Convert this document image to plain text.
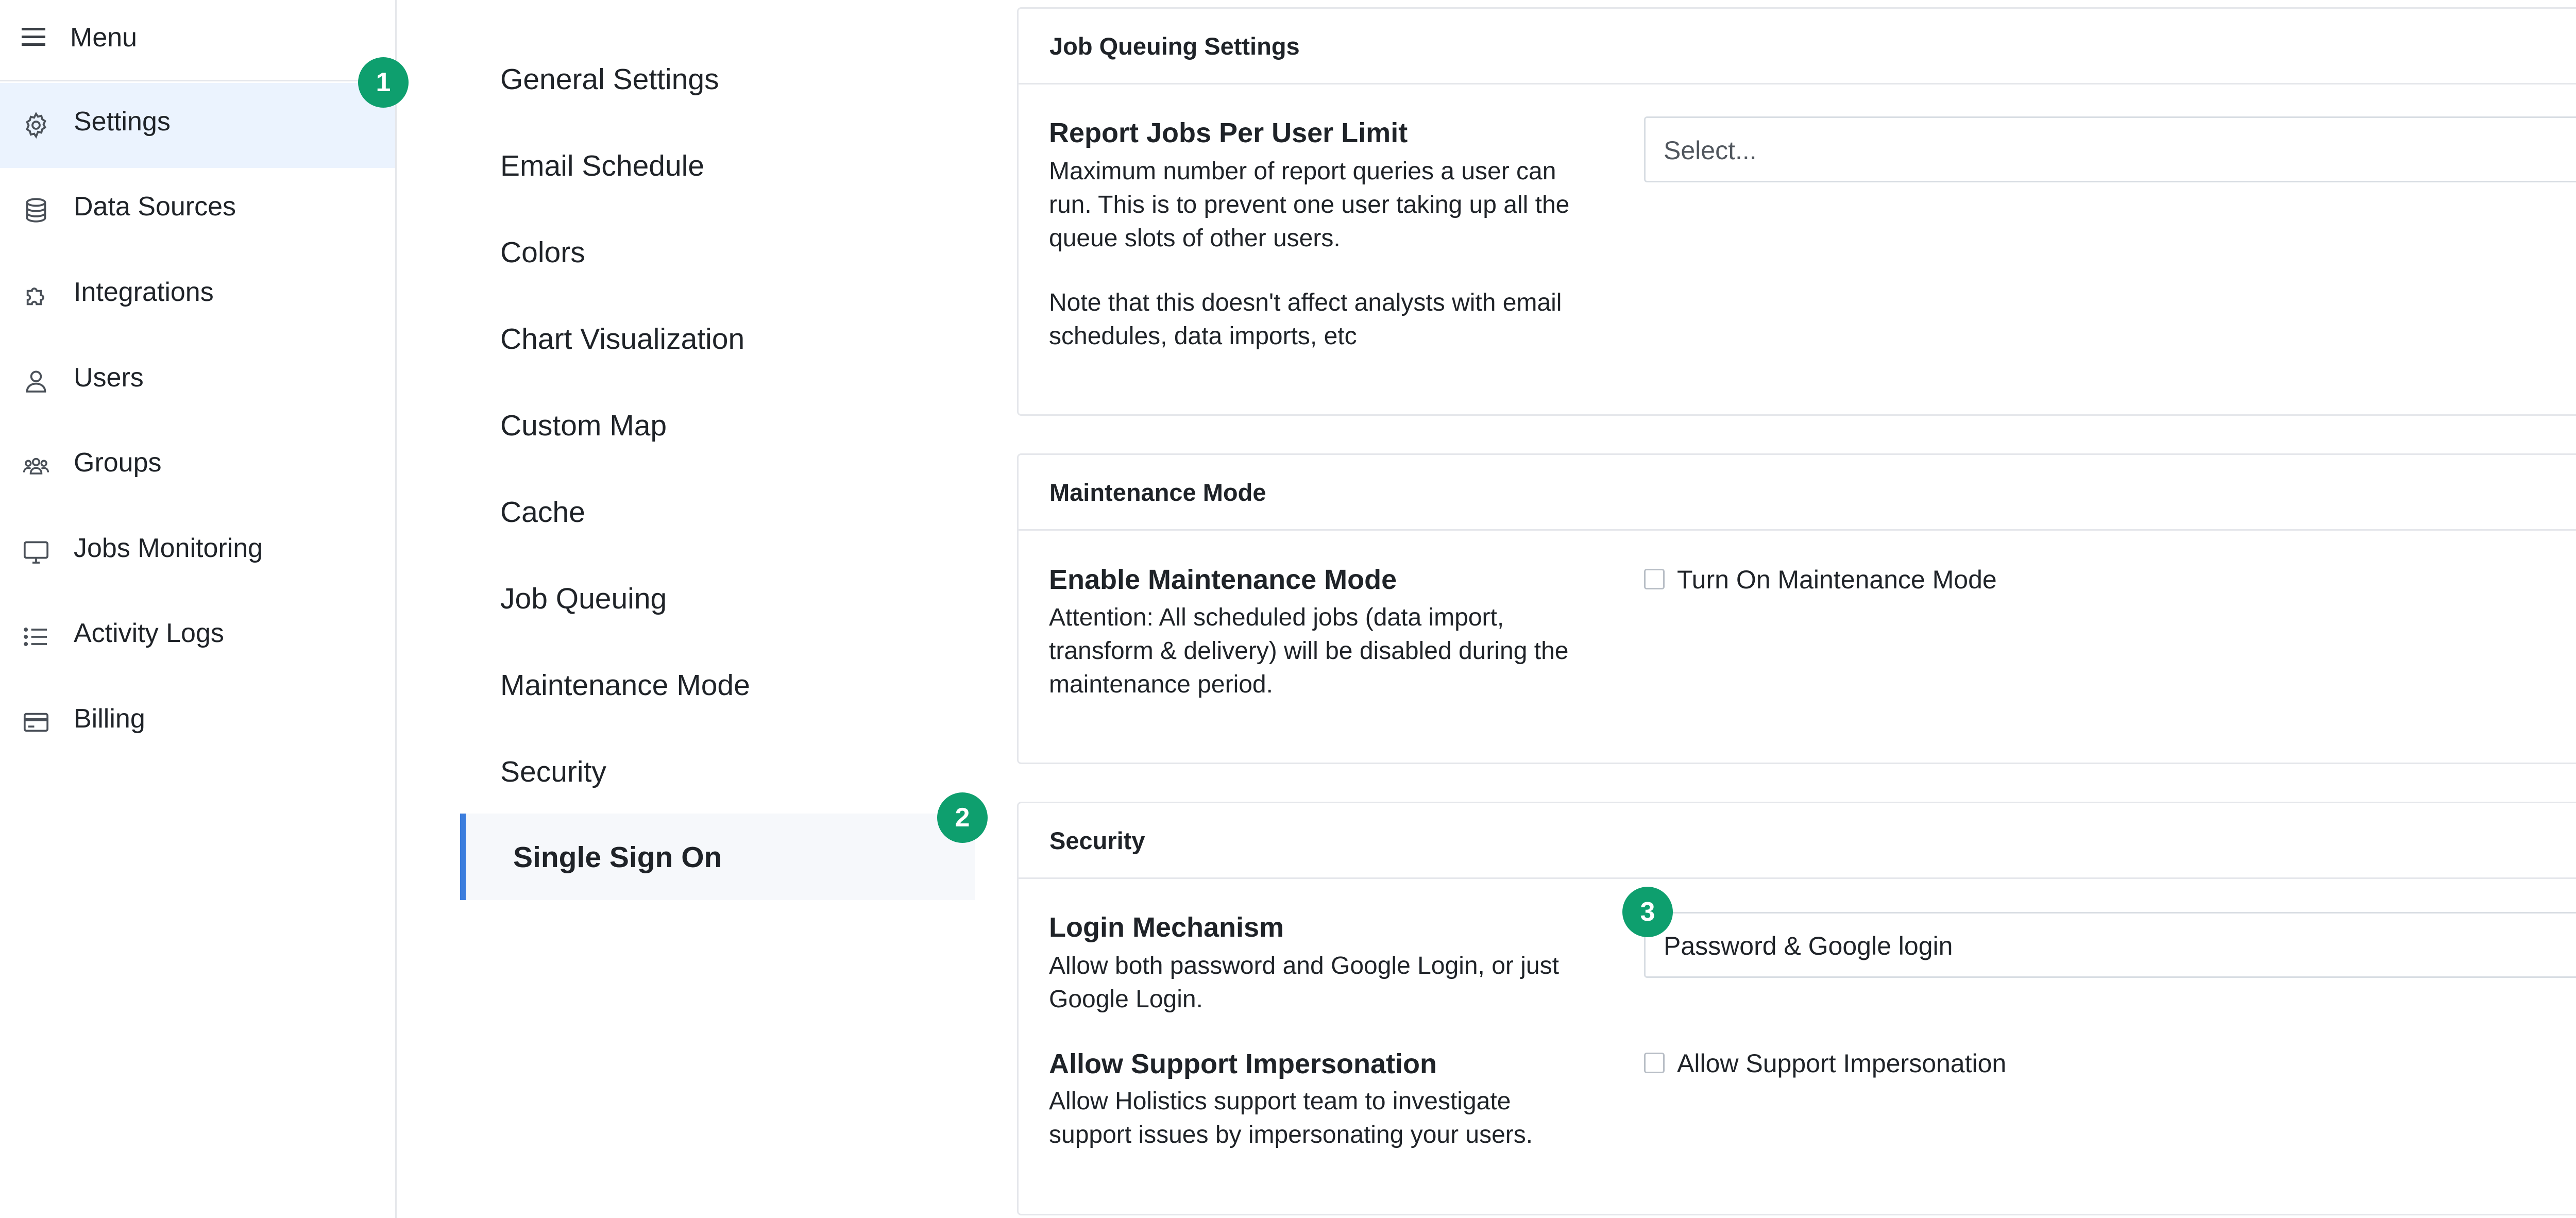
Menu
Settings
Data Sources
Integrations
Users
Groups
Jobs Monitoring
Activity Logs
Billing
1	General Settings
Email Schedule
Colors
Chart Visualization
Custom Map
Cache
Job Queuing
Maintenance Mode
Security
Single Sign On
2
Job Queuing Settings
Report Jobs Per User Limit
Maximum number of report queries a user can run. This is to prevent one user taking up all the queue slots of other users.
Note that this doesn't affect analysts with email schedules, data imports, etc
Select...
Maintenance Mode
Enable Maintenance Mode
Attention: All scheduled jobs (data import, transform & delivery) will be disabled during the maintenance period.
Turn On Maintenance Mode
Security
Login Mechanism
Allow both password and Google Login, or just Google Login.
Password & Google login
Allow Support Impersonation
Allow Holistics support team to investigate support issues by impersonating your users.
Allow Support Impersonation
3
